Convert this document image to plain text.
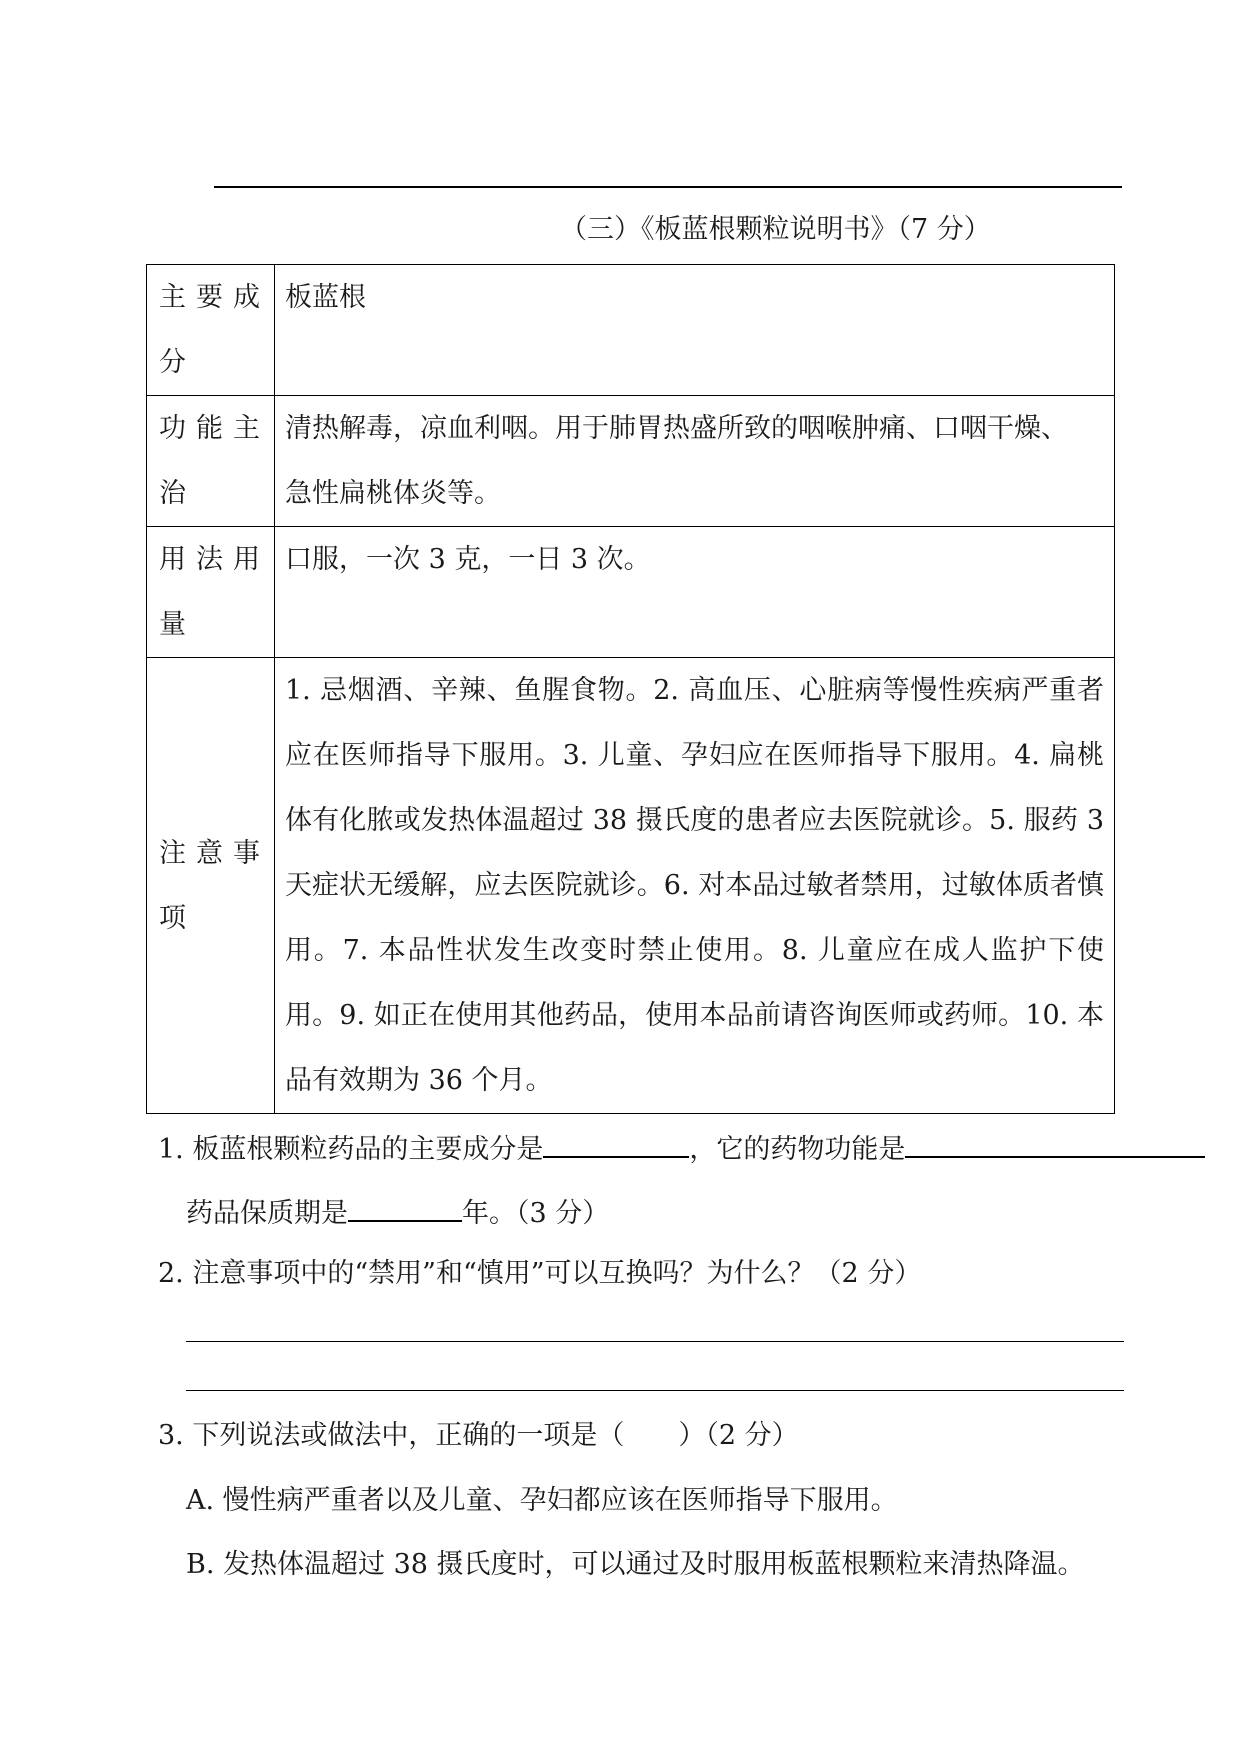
（三）《板蓝根颗粒说明书》（7 分）
主要成分	板蓝根
功能主治	清热解毒，凉血利咽。用于肺胃热盛所致的咽喉肿痛、口咽干燥、
急性扁桃体炎等。

用法用量	口服，一次 3 克，一日 3 次。
注意事项	1. 忌烟酒、辛辣、鱼腥食物。2. 高血压、心脏病等慢性疾病严重者应在医师指导下服用。3. 儿童、孕妇应在医师指导下服用。4. 扁桃体有化脓或发热体温超过 38 摄氏度的患者应去医院就诊。5. 服药 3 天症状无缓解，应去医院就诊。6. 对本品过敏者禁用，过敏体质者慎用。7. 本品性状发生改变时禁止使用。8. 儿童应在成人监护下使用。9. 如正在使用其他药品，使用本品前请咨询医师或药师。10. 本品有效期为 36 个月。
1. 板蓝根颗粒药品的主要成分是	，它的药物功能是
药品保质期是	年。（3 分）
2. 注意事项中的“禁用”和“慎用”可以互换吗？为什么？（2 分）
3. 下列说法或做法中，正确的一项是（　　）（2 分）
A. 慢性病严重者以及儿童、孕妇都应该在医师指导下服用。
B. 发热体温超过 38 摄氏度时，可以通过及时服用板蓝根颗粒来清热降温。
